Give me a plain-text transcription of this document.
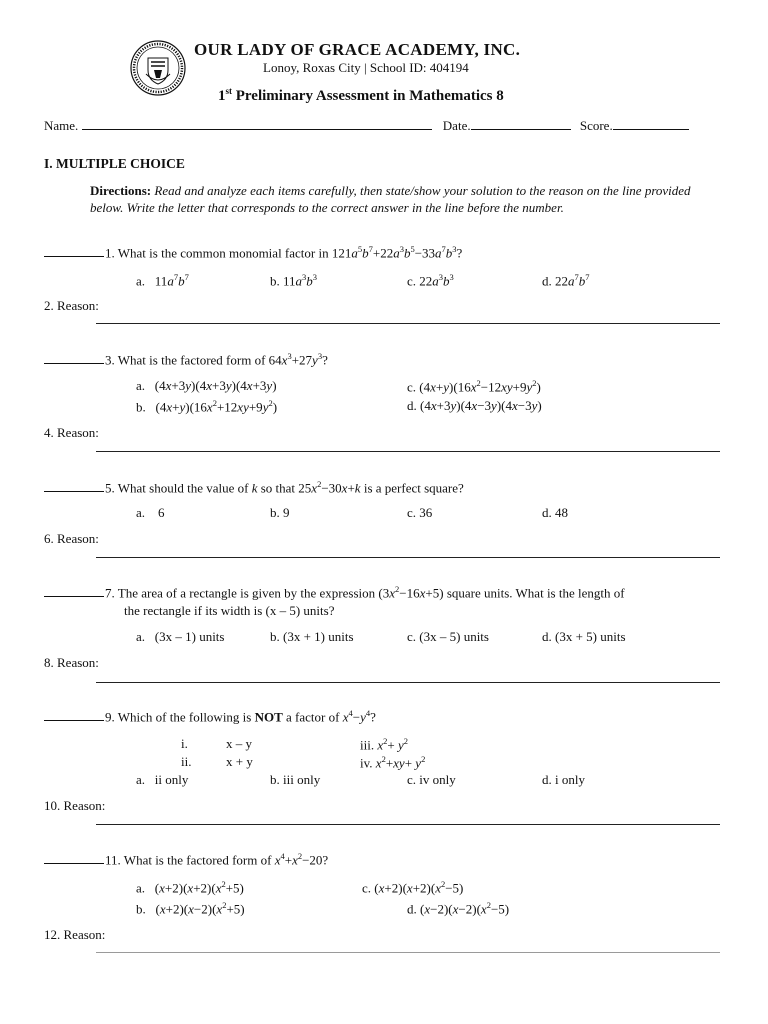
OUR LADY OF GRACE ACADEMY, INC.
Lonoy, Roxas City | School ID: 404194
1st Preliminary Assessment in Mathematics 8
Name.	Date.	Score.
I. MULTIPLE CHOICE
Directions: Read and analyze each items carefully, then state/show your solution to the reason on the line provided below. Write the letter that corresponds to the correct answer in the line before the number.
1. What is the common monomial factor in $121a^5b^7+22a^3b^5-33a^7b^3$?
a.   $11a^7b^7$	b. $11a^3b^3$	c. $22a^3b^3$	d. $22a^7b^7$
2. Reason:
3. What is the factored form of $64x^3+27y^3$?
a.   (4x+3y)(4x+3y)(4x+3y)	c. $(4x+y)(16x^2-12xy+9y^2)$
b.   $(4x+y)(16x^2+12xy+9y^2)$	d. (4x+3y)(4x−3y)(4x−3y)
4. Reason:
5. What should the value of k so that $25x^2-30x+k$ is a perfect square?
a. 6	b. 9	c. 36	d. 48
6. Reason:
7. The area of a rectangle is given by the expression $(3x^2-16x+5)$ square units. What is the length of
the rectangle if its width is (x – 5) units?
a. (3x – 1) units	b. (3x + 1) units	c. (3x – 5) units	d. (3x + 5) units
8. Reason:
9. Which of the following is NOT a factor of $x^4-y^4$?
i.	x – y	iii. $x^2+ y^2$
ii.	x + y	iv. $x^2+xy+ y^2$
a. ii only	b. iii only	c. iv only	d. i only
10. Reason:
11. What is the factored form of $x^4+x^2-20$?
a.   $(x+2)(x+2)(x^2+5)$	c. $(x+2)(x+2)(x^2-5)$
b.   $(x+2)(x-2)(x^2+5)$	d. $(x-2)(x-2)(x^2-5)$
12. Reason:
